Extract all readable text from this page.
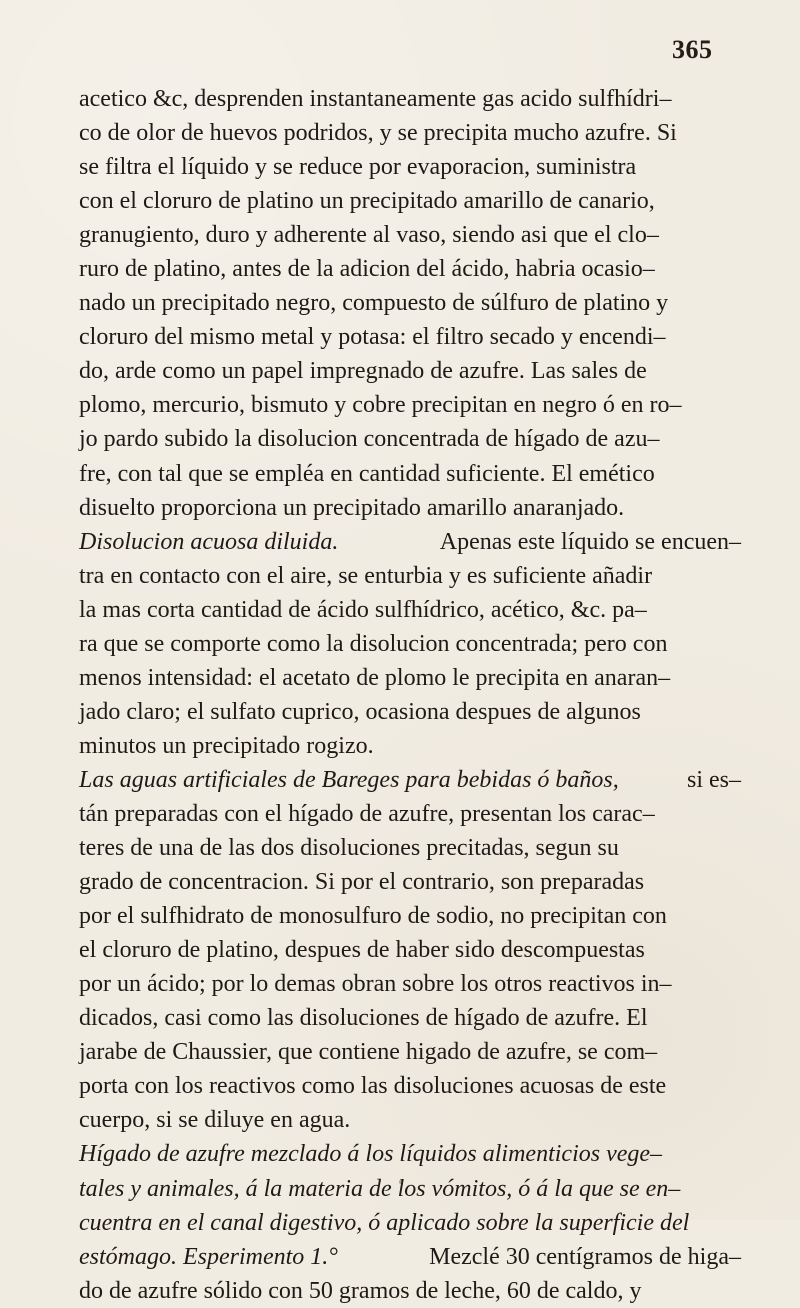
365
acetico &c, desprenden instantaneamente gas acido sulfhídri–
co de olor de huevos podridos, y se precipita mucho azufre. Si
se filtra el líquido y se reduce por evaporacion, suministra
con el cloruro de platino un precipitado amarillo de canario,
granugiento, duro y adherente al vaso, siendo asi que el clo–
ruro de platino, antes de la adicion del ácido, habria ocasio–
nado un precipitado negro, compuesto de súlfuro de platino y
cloruro del mismo metal y potasa: el filtro secado y encendi–
do, arde como un papel impregnado de azufre. Las sales de
plomo, mercurio, bismuto y cobre precipitan en negro ó en ro–
jo pardo subido la disolucion concentrada de hígado de azu–
fre, con tal que se empléa en cantidad suficiente. El emético
disuelto proporciona un precipitado amarillo anaranjado.
Disolucion acuosa diluida.	Apenas este líquido se encuen–
tra en contacto con el aire, se enturbia y es suficiente añadir
la mas corta cantidad de ácido sulfhídrico, acético, &c. pa–
ra que se comporte como la disolucion concentrada; pero con
menos intensidad: el acetato de plomo le precipita en anaran–
jado claro; el sulfato cuprico, ocasiona despues de algunos
minutos un precipitado rogizo.
Las aguas artificiales de Bareges para bebidas ó baños,	si es–
tán preparadas con el hígado de azufre, presentan los carac–
teres de una de las dos disoluciones precitadas, segun su
grado de concentracion. Si por el contrario, son preparadas
por el sulfhidrato de monosulfuro de sodio, no precipitan con
el cloruro de platino, despues de haber sido descompuestas
por un ácido; por lo demas obran sobre los otros reactivos in–
dicados, casi como las disoluciones de hígado de azufre. El
jarabe de Chaussier, que contiene higado de azufre, se com–
porta con los reactivos como las disoluciones acuosas de este
cuerpo, si se diluye en agua.
Hígado de azufre mezclado á los líquidos alimenticios vege–
tales y animales, á la materia de los vómitos, ó á la que se en–
cuentra en el canal digestivo, ó aplicado sobre la superficie del
estómago. Esperimento 1.°	Mezclé 30 centígramos de higa–
do de azufre sólido con 50 gramos de leche, 60 de caldo, y
